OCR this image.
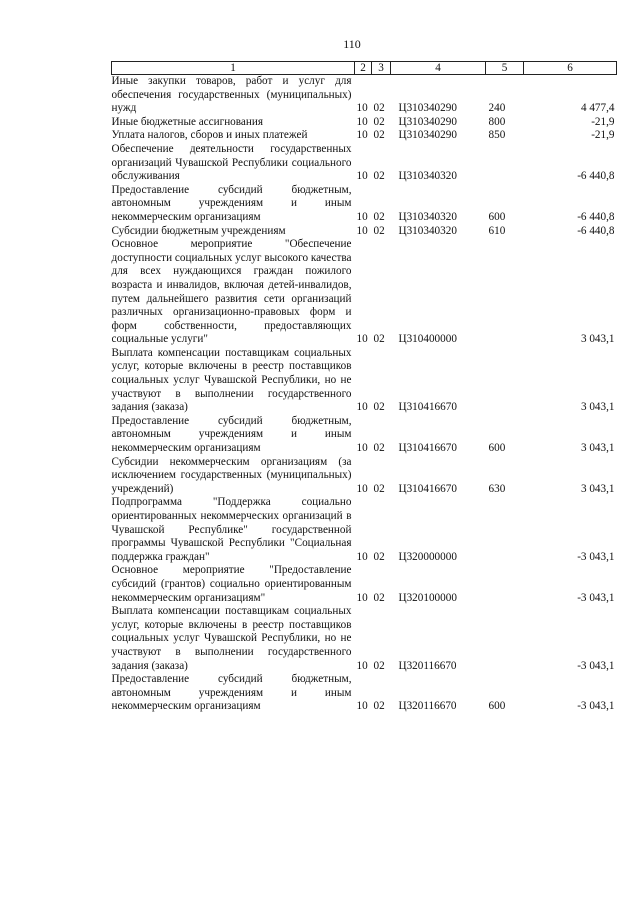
110
1	2	3	4	5	6
Иные закупки товаров, работ и услуг для обеспечения государственных (муниципальных) нужд	10	02	Ц310340290	240	4 477,4
Иные бюджетные ассигнования	10	02	Ц310340290	800	-21,9
Уплата налогов, сборов и иных платежей	10	02	Ц310340290	850	-21,9
Обеспечение деятельности государственных организаций Чувашской Республики социального обслуживания	10	02	Ц310340320		-6 440,8
Предоставление субсидий бюджетным, автономным учреждениям и иным некоммерческим организациям	10	02	Ц310340320	600	-6 440,8
Субсидии бюджетным учреждениям	10	02	Ц310340320	610	-6 440,8
Основное мероприятие "Обеспечение доступности социальных услуг высокого качества для всех нуждающихся граждан пожилого возраста и инвалидов, включая детей-инвалидов, путем дальнейшего развития сети организаций различных организационно-правовых форм и форм собственности, предоставляющих социальные услуги"	10	02	Ц310400000		3 043,1
Выплата компенсации поставщикам социальных услуг, которые включены в реестр поставщиков социальных услуг Чувашской Республики, но не участвуют в выполнении государственного задания (заказа)	10	02	Ц310416670		3 043,1
Предоставление субсидий бюджетным, автономным учреждениям и иным некоммерческим организациям	10	02	Ц310416670	600	3 043,1
Субсидии некоммерческим организациям (за исключением государственных (муниципальных) учреждений)	10	02	Ц310416670	630	3 043,1
Подпрограмма "Поддержка социально ориентированных некоммерческих организаций в Чувашской Республике" государственной программы Чувашской Республики "Социальная поддержка граждан"	10	02	Ц320000000		-3 043,1
Основное мероприятие "Предоставление субсидий (грантов) социально ориентированным некоммерческим организациям"	10	02	Ц320100000		-3 043,1
Выплата компенсации поставщикам социальных услуг, которые включены в реестр поставщиков социальных услуг Чувашской Республики, но не участвуют в выполнении государственного задания (заказа)	10	02	Ц320116670		-3 043,1
Предоставление субсидий бюджетным, автономным учреждениям и иным некоммерческим организациям	10	02	Ц320116670	600	-3 043,1
